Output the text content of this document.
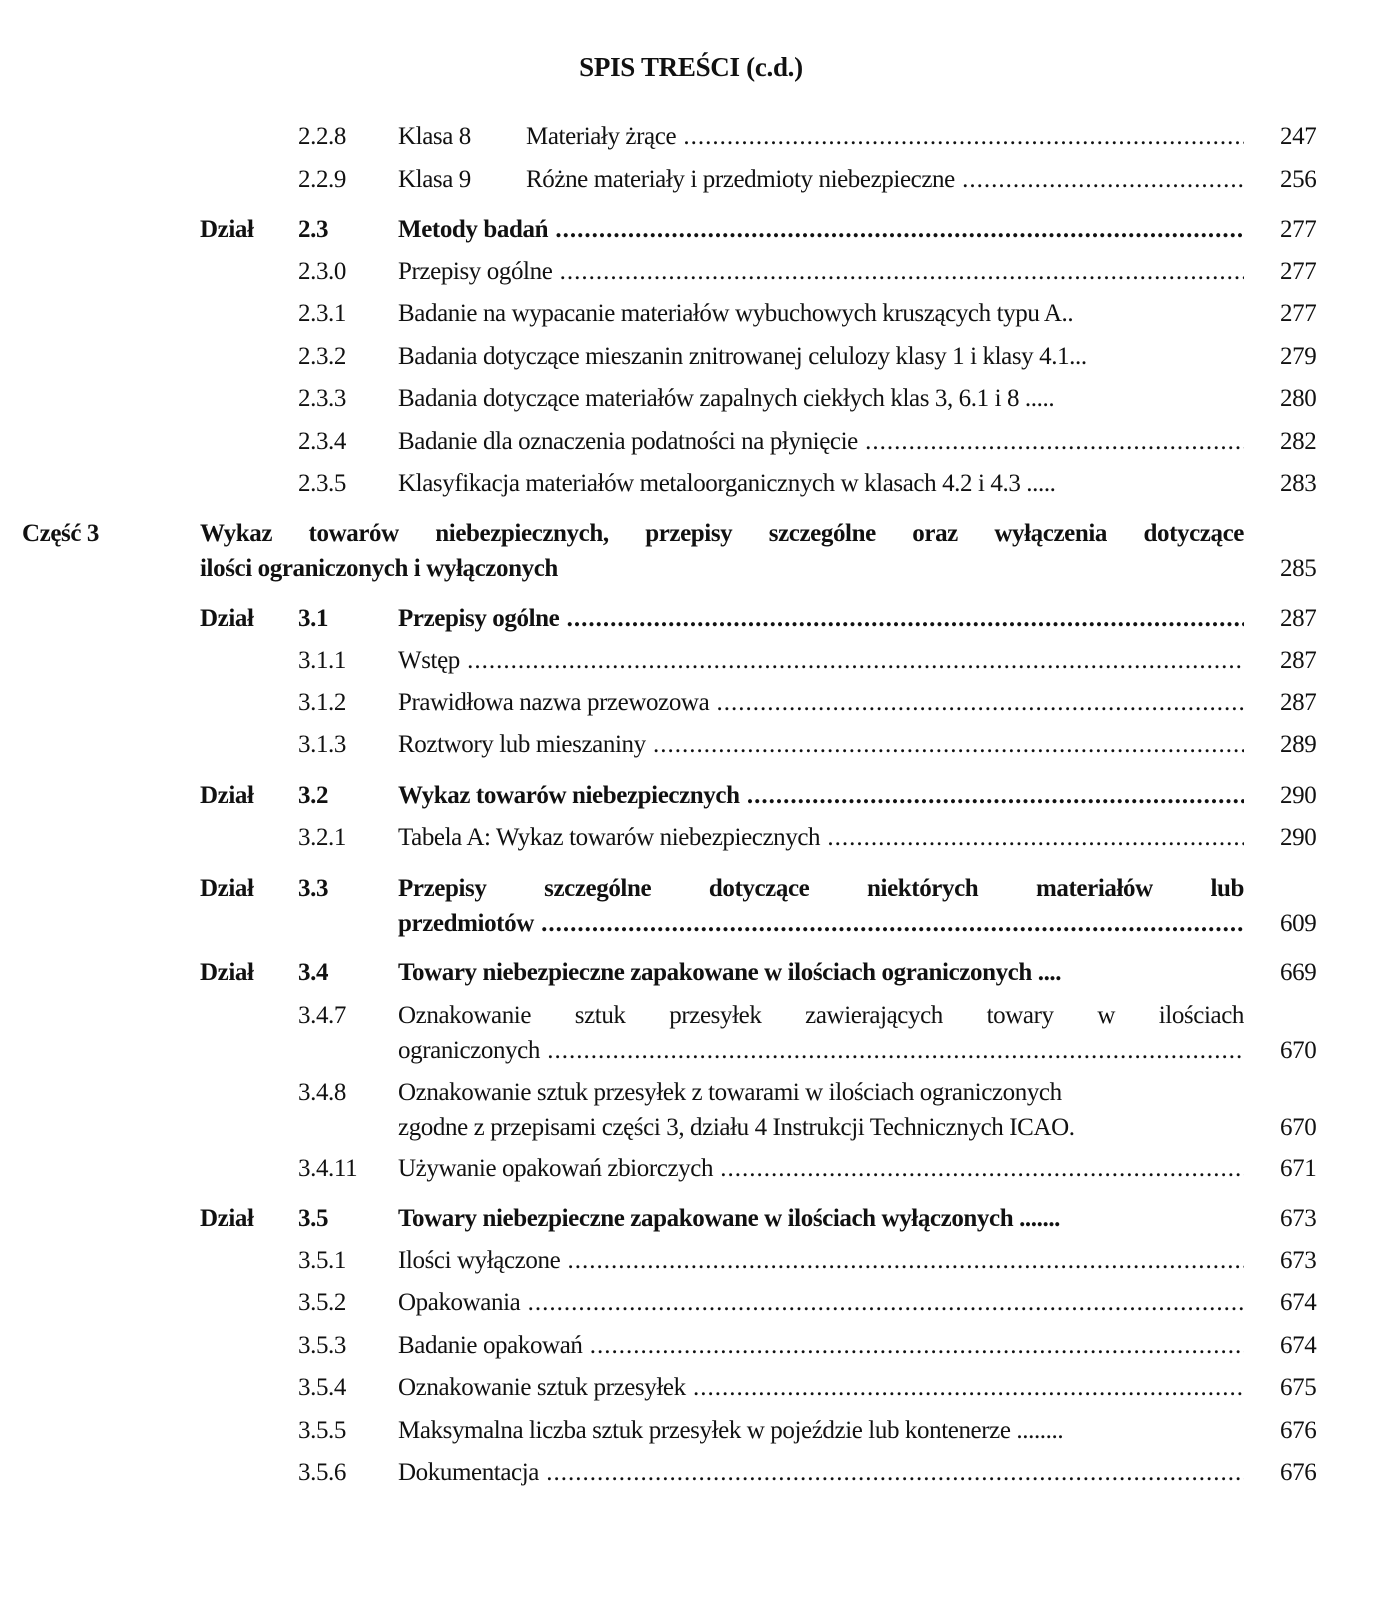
SPIS TREŚCI (c.d.)
2.2.8 Klasa 8 Materiały żrące .....	247
2.2.9 Klasa 9 Różne materiały i przedmioty niebezpieczne .....	256
Dział 2.3	Metody badań .....	277
2.3.0 Przepisy ogólne .....	277
2.3.1 Badanie na wypacanie materiałów wybuchowych kruszących typu A..	277
2.3.2 Badania dotyczące mieszanin znitrowanej celulozy klasy 1 i klasy 4.1...	279
2.3.3 Badania dotyczące materiałów zapalnych ciekłych klas 3, 6.1 i 8 .....	280
2.3.4 Badanie dla oznaczenia podatności na płynięcie .....	282
2.3.5 Klasyfikacja materiałów metaloorganicznych w klasach 4.2 i 4.3 .....	283
Część 3	Wykaz towarów niebezpiecznych, przepisy szczególne oraz wyłączenia dotyczące
ilości ograniczonych i wyłączonych	285
Dział 3.1	Przepisy ogólne .....	287
3.1.1 Wstęp .....	287
3.1.2 Prawidłowa nazwa przewozowa .....	287
3.1.3 Roztwory lub mieszaniny .....	289
Dział 3.2	Wykaz towarów niebezpiecznych .....	290
3.2.1 Tabela A: Wykaz towarów niebezpiecznych .....	290
Dział 3.3	Przepisy szczególne dotyczące niektórych materiałów lub
przedmiotów .....	609
Dział 3.4	Towary niebezpieczne zapakowane w ilościach ograniczonych ....	669
3.4.7 Oznakowanie sztuk przesyłek zawierających towary w ilościach
ograniczonych .....	670
3.4.8 Oznakowanie sztuk przesyłek z towarami w ilościach ograniczonych
zgodne z przepisami części 3, działu 4 Instrukcji Technicznych ICAO.	670
3.4.11 Używanie opakowań zbiorczych .....	671
Dział 3.5	Towary niebezpieczne zapakowane w ilościach wyłączonych .......	673
3.5.1 Ilości wyłączone .....	673
3.5.2 Opakowania .....	674
3.5.3 Badanie opakowań .....	674
3.5.4 Oznakowanie sztuk przesyłek .....	675
3.5.5 Maksymalna liczba sztuk przesyłek w pojeździe lub kontenerze ........	676
3.5.6 Dokumentacja .....	676
